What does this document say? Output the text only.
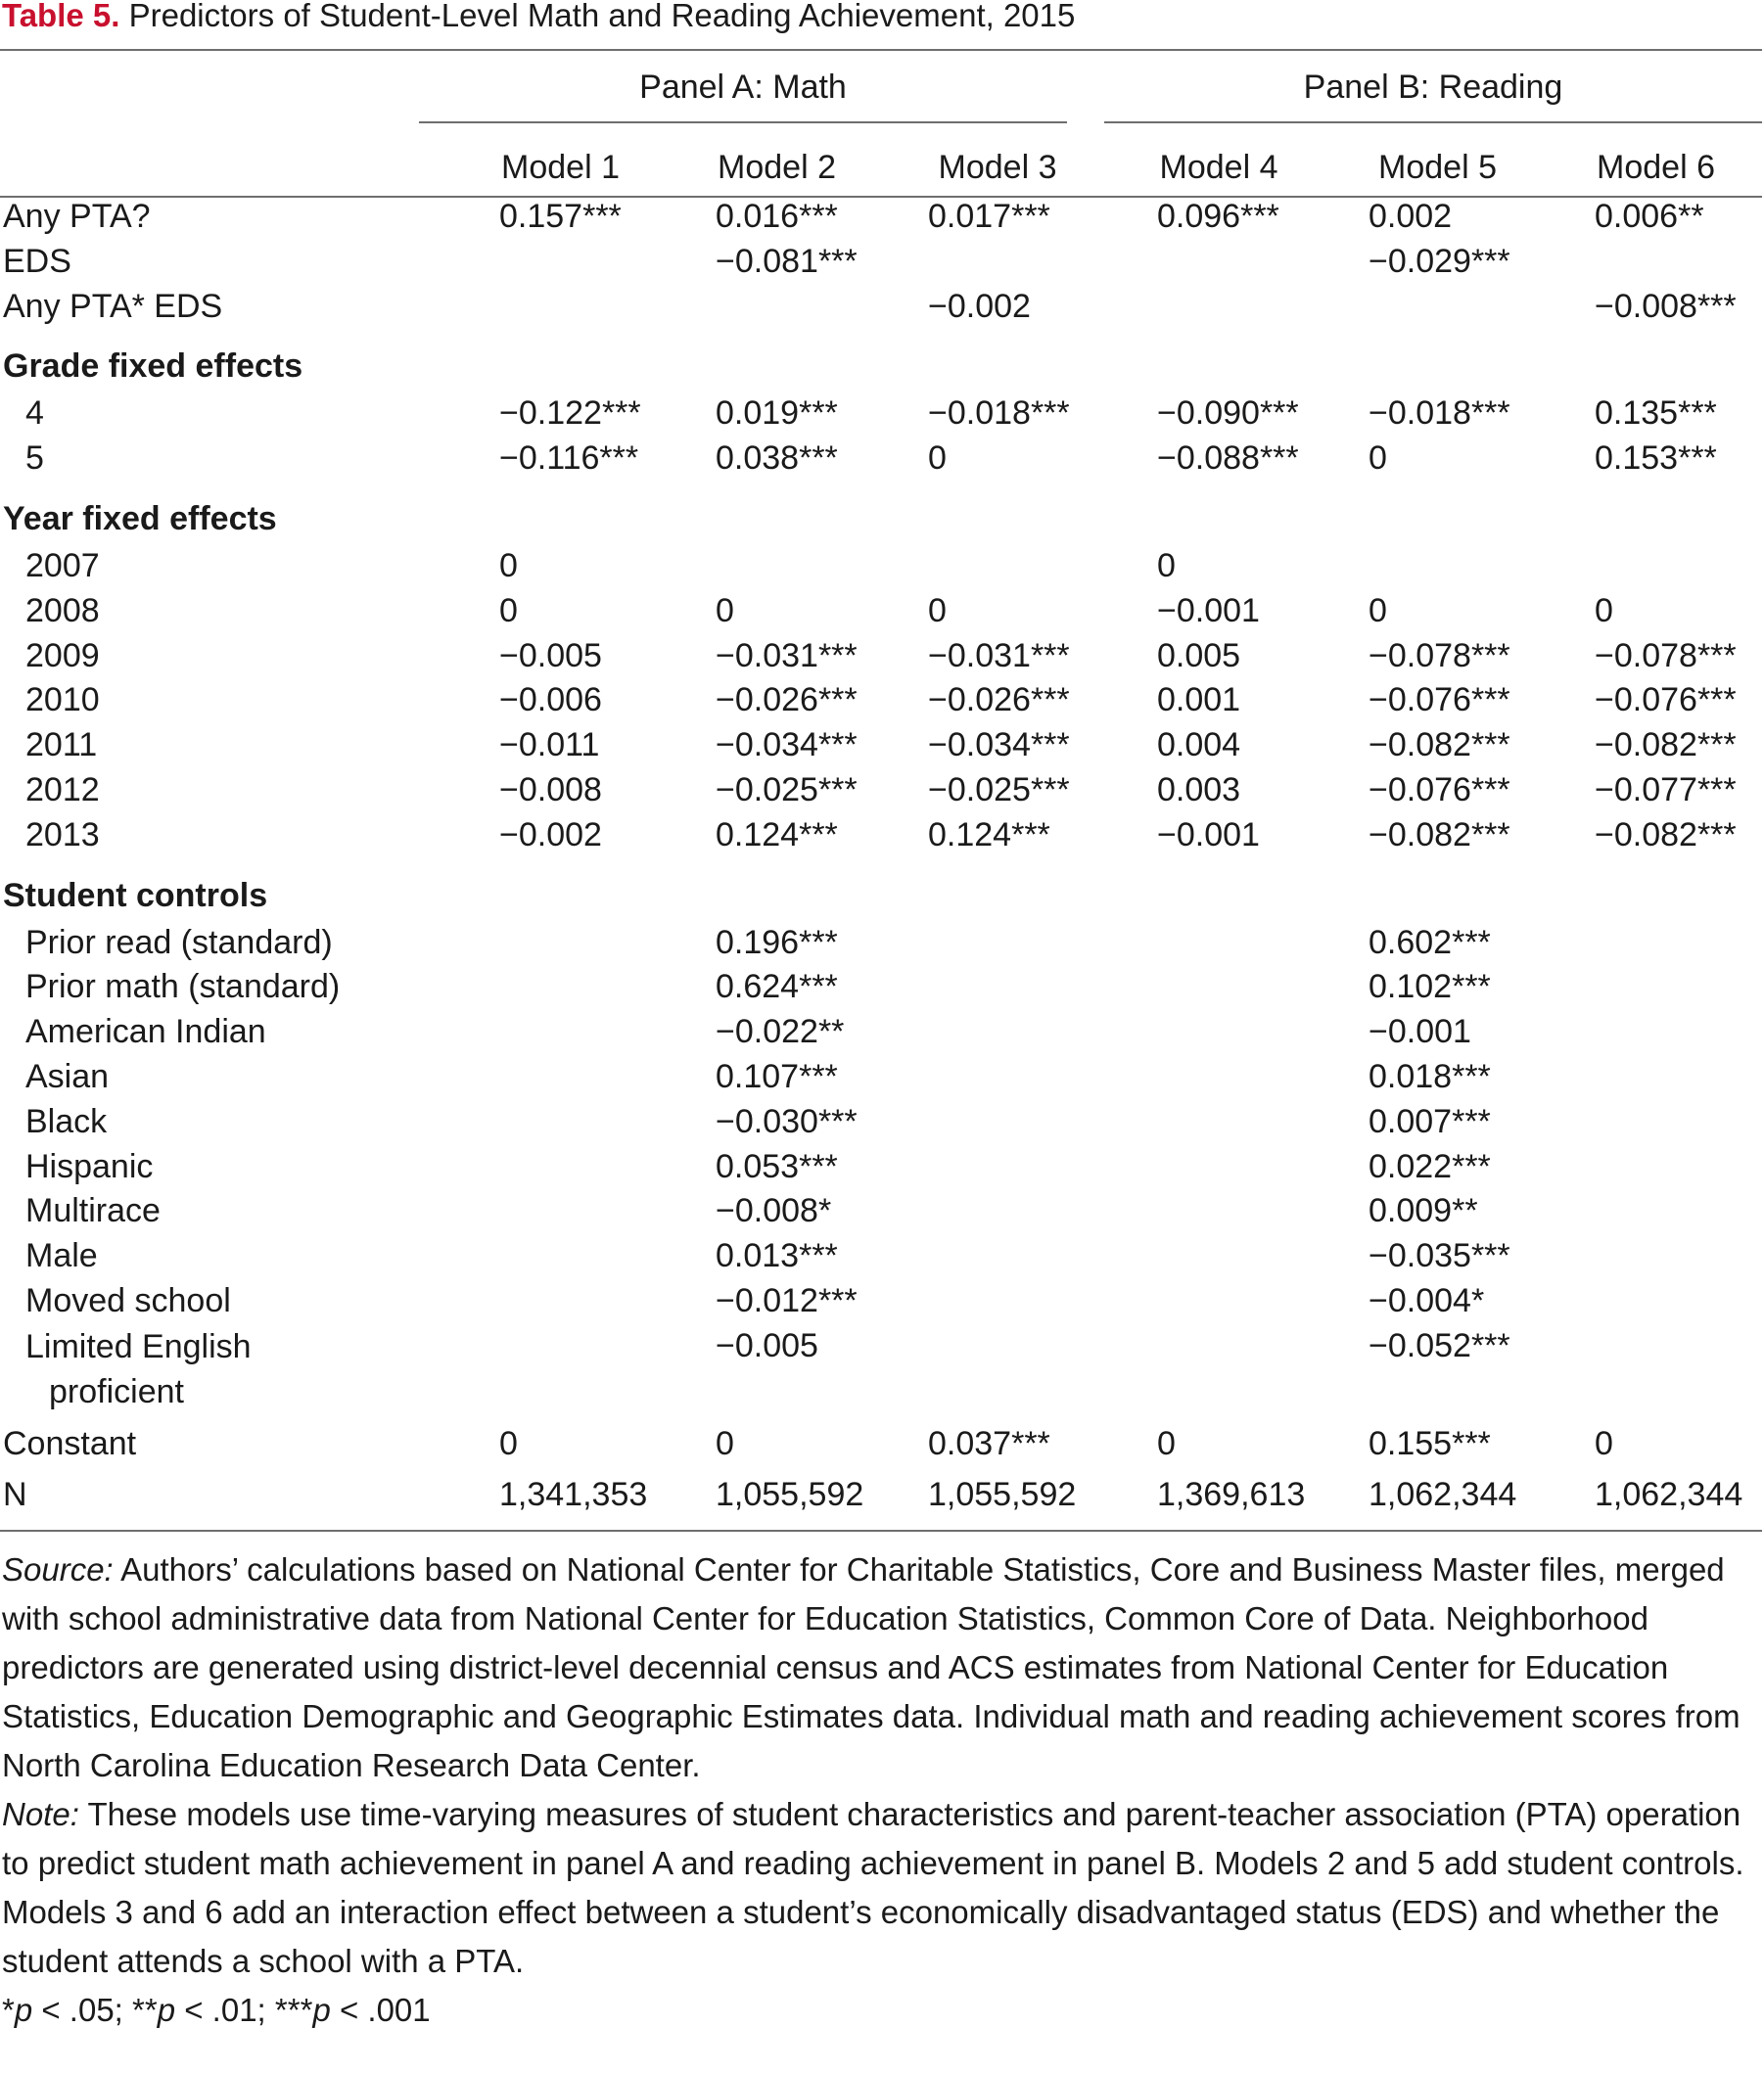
Table 5. Predictors of Student-Level Math and Reading Achievement, 2015
Panel A: Math	Panel B: Reading
	Model 1	Model 2	Model 3	Model 4	Model 5	Model 6
Any PTA?	0.157***	0.016***	0.017***	0.096***	0.002	0.006**
EDS		−0.081***			−0.029***	
Any PTA* EDS			−0.002			−0.008***
Grade fixed effects						
4	−0.122***	0.019***	−0.018***	−0.090***	−0.018***	0.135***
5	−0.116***	0.038***	0	−0.088***	0	0.153***
Year fixed effects						
2007	0			0		
2008	0	0	0	−0.001	0	0
2009	−0.005	−0.031***	−0.031***	0.005	−0.078***	−0.078***
2010	−0.006	−0.026***	−0.026***	0.001	−0.076***	−0.076***
2011	−0.011	−0.034***	−0.034***	0.004	−0.082***	−0.082***
2012	−0.008	−0.025***	−0.025***	0.003	−0.076***	−0.077***
2013	−0.002	0.124***	0.124***	−0.001	−0.082***	−0.082***
Student controls						
Prior read (standard)		0.196***			0.602***	
Prior math (standard)		0.624***			0.102***	
American Indian		−0.022**			−0.001	
Asian		0.107***			0.018***	
Black		−0.030***			0.007***	
Hispanic		0.053***			0.022***	
Multirace		−0.008*			0.009**	
Male		0.013***			−0.035***	
Moved school		−0.012***			−0.004*	
Limited English
proficient		−0.005			−0.052***	
Constant	0	0	0.037***	0	0.155***	0
N	1,341,353	1,055,592	1,055,592	1,369,613	1,062,344	1,062,344

Source: Authors’ calculations based on National Center for Charitable Statistics, Core and Business Master files, merged with school administrative data from National Center for Education Statistics, Common Core of Data. Neighborhood predictors are generated using district-level decennial census and ACS estimates from National Center for Education Statistics, Education Demographic and Geographic Estimates data. Individual math and reading achievement scores from North Carolina Education Research Data Center.

Note: These models use time-varying measures of student characteristics and parent-teacher association (PTA) operation to predict student math achievement in panel A and reading achievement in panel B. Models 2 and 5 add student controls. Models 3 and 6 add an interaction effect between a student’s economically disadvantaged status (EDS) and whether the student attends a school with a PTA.

*p < .05; **p < .01; ***p < .001
